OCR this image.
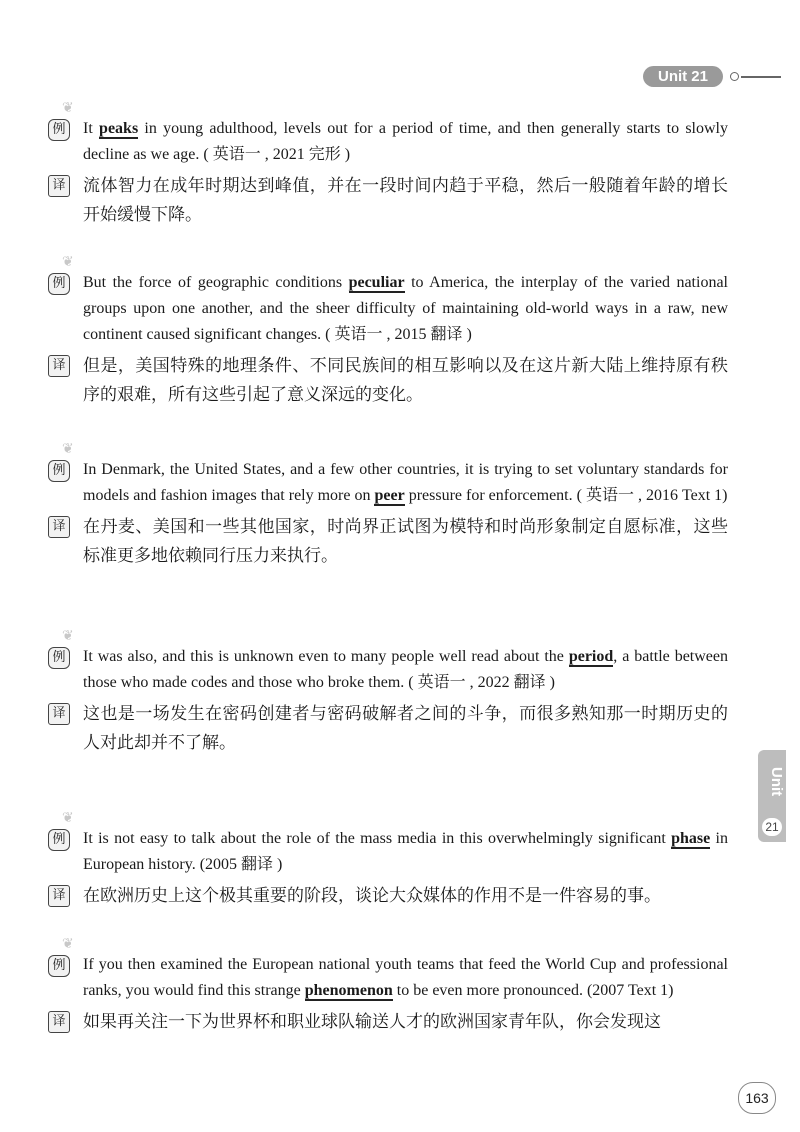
Unit 21
❦
例 It peaks in young adulthood, levels out for a period of time, and then generally starts to slowly decline as we age. ( 英语一 , 2021 完形 )
译 流体智力在成年时期达到峰值，并在一段时间内趋于平稳，然后一般随着年龄的增长开始缓慢下降。
❦
例 But the force of geographic conditions peculiar to America, the interplay of the varied national groups upon one another, and the sheer difficulty of maintaining old-world ways in a raw, new continent caused significant changes. ( 英语一 , 2015 翻译 )
译 但是，美国特殊的地理条件、不同民族间的相互影响以及在这片新大陆上维持原有秩序的艰难，所有这些引起了意义深远的变化。
❦
例 In Denmark, the United States, and a few other countries, it is trying to set voluntary standards for models and fashion images that rely more on peer pressure for enforcement. ( 英语一 , 2016 Text 1)
译 在丹麦、美国和一些其他国家，时尚界正试图为模特和时尚形象制定自愿标准，这些标准更多地依赖同行压力来执行。
❦
例 It was also, and this is unknown even to many people well read about the period, a battle between those who made codes and those who broke them. ( 英语一 , 2022 翻译 )
译 这也是一场发生在密码创建者与密码破解者之间的斗争，而很多熟知那一时期历史的人对此却并不了解。
❦
例 It is not easy to talk about the role of the mass media in this overwhelmingly significant phase in European history. (2005 翻译 )
译 在欧洲历史上这个极其重要的阶段，谈论大众媒体的作用不是一件容易的事。
❦
例 If you then examined the European national youth teams that feed the World Cup and professional ranks, you would find this strange phenomenon to be even more pronounced. (2007 Text 1)
译 如果再关注一下为世界杯和职业球队输送人才的欧洲国家青年队，你会发现这
Unit
21
163
